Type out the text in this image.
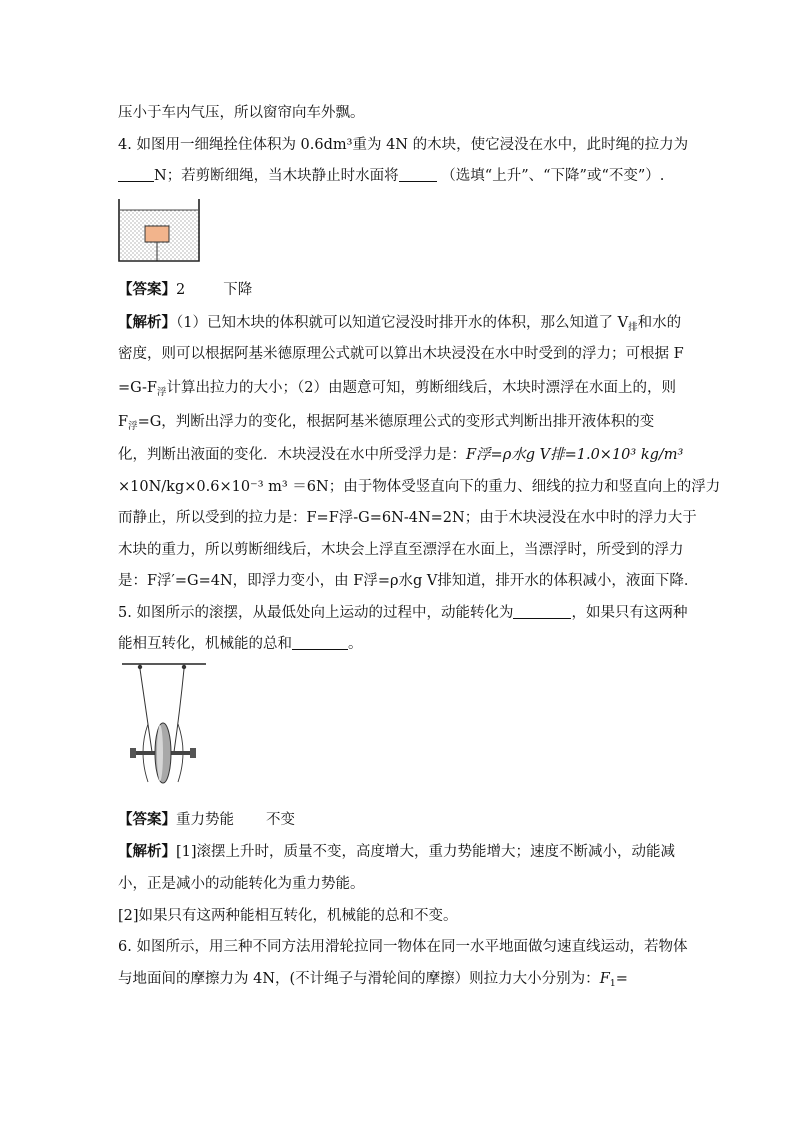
压小于车内气压，所以窗帘向车外飘。
4. 如图用一细绳拴住体积为 0.6dm³重为 4N 的木块，使它浸没在水中，此时绳的拉力为
N；若剪断细绳，当木块静止时水面将	（选填“上升”、“下降”或“不变”）.
【答案】2	下降
【解析】（1）已知木块的体积就可以知道它浸没时排开水的体积，那么知道了 $V_排$和水的
密度，则可以根据阿基米德原理公式就可以算出木块浸没在水中时受到的浮力；可根据 F
$=G-F_浮$计算出拉力的大小；（2）由题意可知，剪断细线后，木块时漂浮在水面上的，则
$F_浮=G$，判断出浮力的变化，根据阿基米德原理公式的变形式判断出排开液体积的变
化，判断出液面的变化．木块浸没在水中所受浮力是：F浮=ρ水g V排=1.0×10³ kg/m³
×10N/kg×0.6×10⁻³ m³ ＝6N；由于物体受竖直向下的重力、细线的拉力和竖直向上的浮力
而静止，所以受到的拉力是：F=F浮-G=6N-4N=2N；由于木块浸没在水中时的浮力大于
木块的重力，所以剪断细线后，木块会上浮直至漂浮在水面上，当漂浮时，所受到的浮力
是：F浮′=G=4N，即浮力变小，由 F浮=ρ水g V排知道，排开水的体积减小，液面下降．
5. 如图所示的滚摆，从最低处向上运动的过程中，动能转化为	，如果只有这两种
能相互转化，机械能的总和	。
【答案】重力势能 不变
【解析】[1]滚摆上升时，质量不变，高度增大，重力势能增大；速度不断减小，动能减
小，正是减小的动能转化为重力势能。
[2]如果只有这两种能相互转化，机械能的总和不变。
6. 如图所示，用三种不同方法用滑轮拉同一物体在同一水平地面做匀速直线运动，若物体
与地面间的摩擦力为 4N，(不计绳子与滑轮间的摩擦）则拉力大小分别为：$F_1=$
